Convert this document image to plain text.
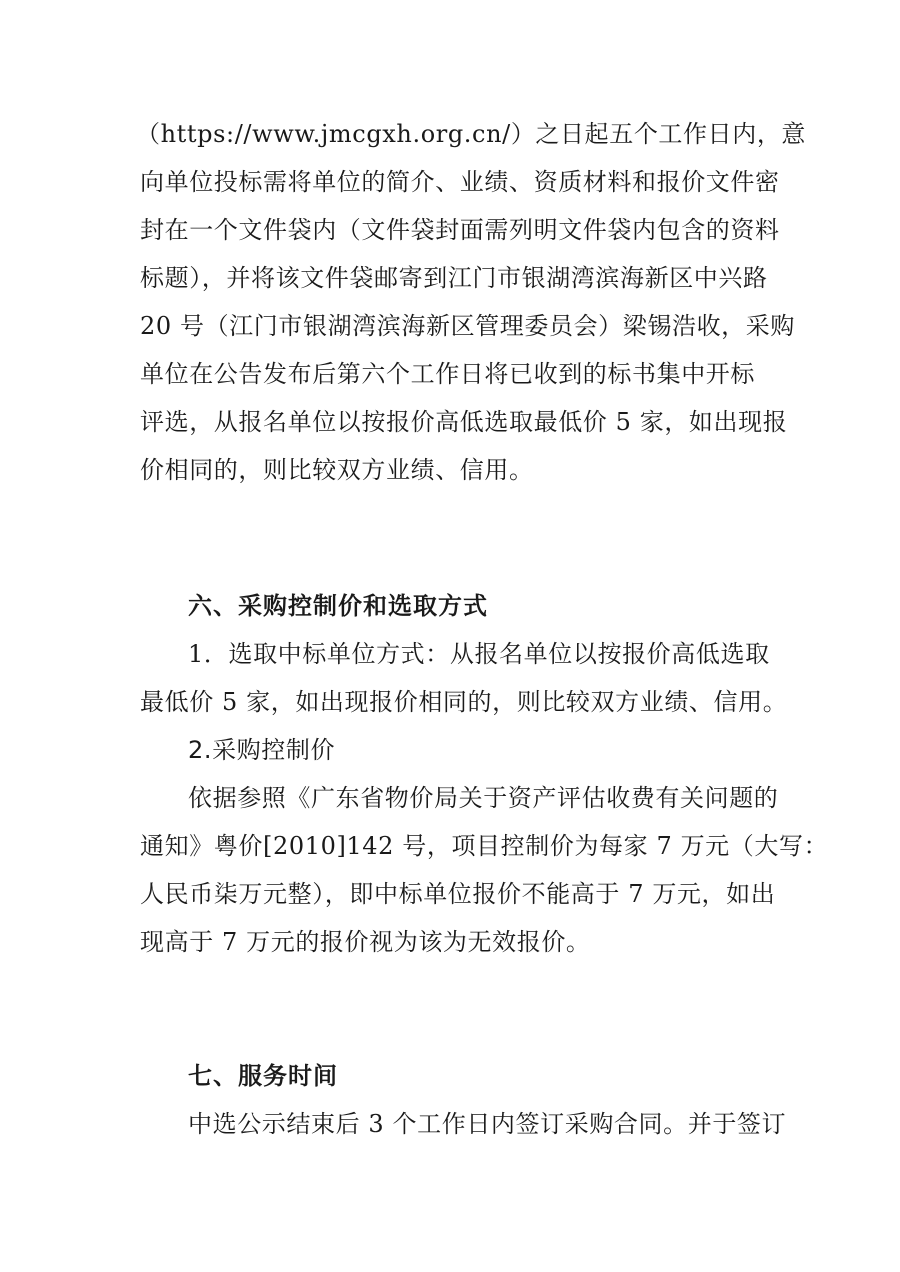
（https://www.jmcgxh.org.cn/）之日起五个工作日内，意
向单位投标需将单位的简介、业绩、资质材料和报价文件密
封在一个文件袋内（文件袋封面需列明文件袋内包含的资料
标题），并将该文件袋邮寄到江门市银湖湾滨海新区中兴路
20 号（江门市银湖湾滨海新区管理委员会）梁锡浩收，采购
单位在公告发布后第六个工作日将已收到的标书集中开标
评选，从报名单位以按报价高低选取最低价 5 家，如出现报
价相同的，则比较双方业绩、信用。
六、采购控制价和选取方式
1．选取中标单位方式：从报名单位以按报价高低选取
最低价 5 家，如出现报价相同的，则比较双方业绩、信用。
2.采购控制价
依据参照《广东省物价局关于资产评估收费有关问题的
通知》粤价[2010]142 号，项目控制价为每家 7 万元（大写：
人民币柒万元整），即中标单位报价不能高于 7 万元，如出
现高于 7 万元的报价视为该为无效报价。
七、服务时间
中选公示结束后 3 个工作日内签订采购合同。并于签订
